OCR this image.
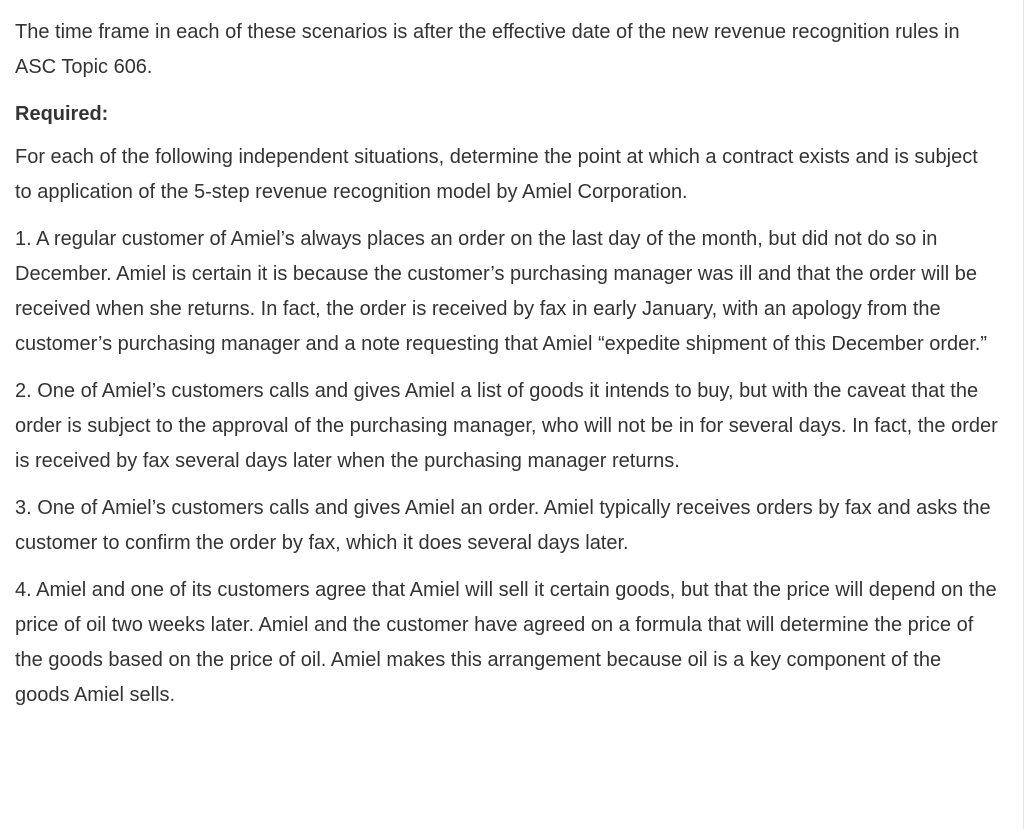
The time frame in each of these scenarios is after the effective date of the new revenue recognition rules in ASC Topic 606.

Required:

For each of the following independent situations, determine the point at which a contract exists and is subject to application of the 5-step revenue recognition model by Amiel Corporation.

1. A regular customer of Amiel’s always places an order on the last day of the month, but did not do so in December. Amiel is certain it is because the customer’s purchasing manager was ill and that the order will be received when she returns. In fact, the order is received by fax in early January, with an apology from the customer’s purchasing manager and a note requesting that Amiel “expedite shipment of this December order.”

2. One of Amiel’s customers calls and gives Amiel a list of goods it intends to buy, but with the caveat that the order is subject to the approval of the purchasing manager, who will not be in for several days. In fact, the order is received by fax several days later when the purchasing manager returns.

3. One of Amiel’s customers calls and gives Amiel an order. Amiel typically receives orders by fax and asks the customer to confirm the order by fax, which it does several days later.

4. Amiel and one of its customers agree that Amiel will sell it certain goods, but that the price will depend on the price of oil two weeks later. Amiel and the customer have agreed on a formula that will determine the price of the goods based on the price of oil. Amiel makes this arrangement because oil is a key component of the goods Amiel sells.
